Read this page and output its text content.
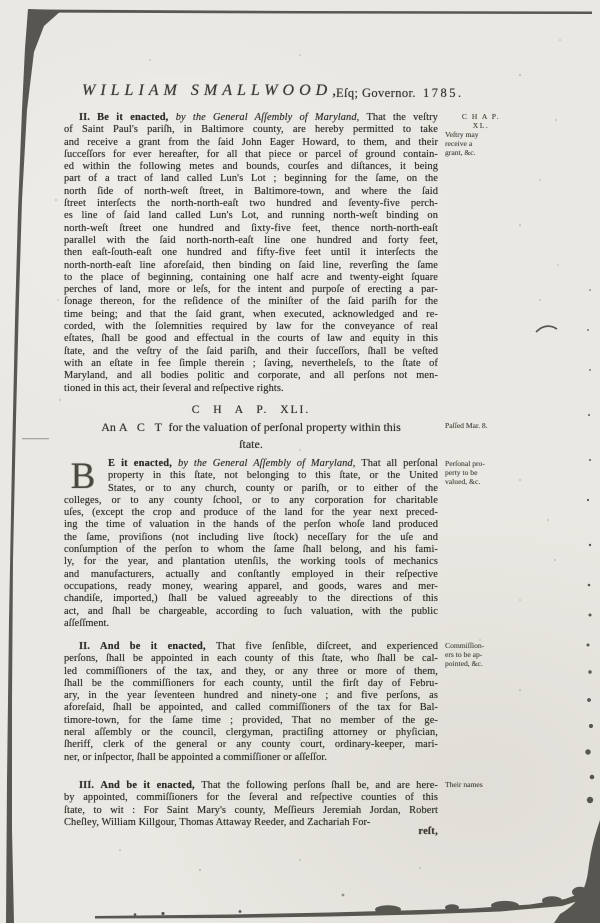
WILLIAM SMALLWOOD,
Eſq; Governor. 1785.
C H A P.
XL.
Veſtry may
receive a
grant, &c.
II. Be it enacted, by the General Aſſembly of Maryland, That the veſtry
of Saint Paul's pariſh, in Baltimore county, are hereby permitted to take
and receive a grant from the ſaid John Eager Howard, to them, and their
ſucceſſors for ever hereafter, for all that piece or parcel of ground contain-
ed within the following metes and bounds, courſes and diſtances, it being
part of a tract of land called Lun's Lot ; beginning for the ſame, on the
north ſide of north-weſt ſtreet, in Baltimore-town, and where the ſaid
ſtreet interſects the north-north-eaſt two hundred and ſeventy-five perch-
es line of ſaid land called Lun's Lot, and running north-weſt binding on
north-weſt ſtreet one hundred and ſixty-five feet, thence north-north-eaſt
parallel with the ſaid north-north-eaſt line one hundred and forty feet,
then eaſt-ſouth-eaſt one hundred and fifty-five feet until it interſects the
north-north-eaſt line aforeſaid, then binding on ſaid line, reverſing the ſame
to the place of beginning, containing one half acre and twenty-eight ſquare
perches of land, more or leſs, for the intent and purpoſe of erecting a par-
ſonage thereon, for the reſidence of the miniſter of the ſaid pariſh for the
time being; and that the ſaid grant, when executed, acknowledged and re-
corded, with the ſolemnities required by law for the conveyance of real
eſtates, ſhall be good and effectual in the courts of law and equity in this
ſtate, and the veſtry of the ſaid pariſh, and their ſucceſſors, ſhall be veſted
with an eſtate in fee ſimple therein ; ſaving, nevertheleſs, to the ſtate of
Maryland, and all bodies politic and corporate, and all perſons not men-
tioned in this act, their ſeveral and reſpective rights.
C H A P. XLI.
An A C T for the valuation of perſonal property within this
ſtate.
Paſſed Mar. 8.
Perſonal pro-
perty to be
valued, &c.
B	E it enacted, by the General Aſſembly of Maryland, That all perſonal
property in this ſtate, not belonging to this ſtate, or the United
States, or to any church, county or pariſh, or to either of the
colleges, or to any county ſchool, or to any corporation for charitable
uſes, (except the crop and produce of the land for the year next preced-
ing the time of valuation in the hands of the perſon whoſe land produced
the ſame, proviſions (not including live ſtock) neceſſary for the uſe and
conſumption of the perſon to whom the ſame ſhall belong, and his fami-
ly, for the year, and plantation utenſils, the working tools of mechanics
and manufacturers, actually and conſtantly employed in their reſpective
occupations, ready money, wearing apparel, and goods, wares and mer-
chandiſe, imported,) ſhall be valued agreeably to the directions of this
act, and ſhall be chargeable, according to ſuch valuation, with the public
aſſeſſment.
Commiſſion-
ers to be ap-
pointed, &c.
II. And be it enacted, That five ſenſible, diſcreet, and experienced
perſons, ſhall be appointed in each county of this ſtate, who ſhall be cal-
led commiſſioners of the tax, and they, or any three or more of them,
ſhall be the commiſſioners for each county, until the firſt day of Febru-
ary, in the year ſeventeen hundred and ninety-one ; and five perſons, as
aforeſaid, ſhall be appointed, and called commiſſioners of the tax for Bal-
timore-town, for the ſame time ; provided, That no member of the ge-
neral aſſembly or the council, clergyman, practiſing attorney or phyſician,
ſheriff, clerk of the general or any county court, ordinary-keeper, mari-
ner, or inſpector, ſhall be appointed a commiſſioner or aſſeſſor.
Their names
III. And be it enacted, That the following perſons ſhall be, and are here-
by appointed, commiſſioners for the ſeveral and reſpective counties of this
ſtate, to wit : For Saint Mary's county, Meſſieurs Jeremiah Jordan, Robert
Cheſley, William Killgour, Thomas Attaway Reeder, and Zachariah For-
reſt,
